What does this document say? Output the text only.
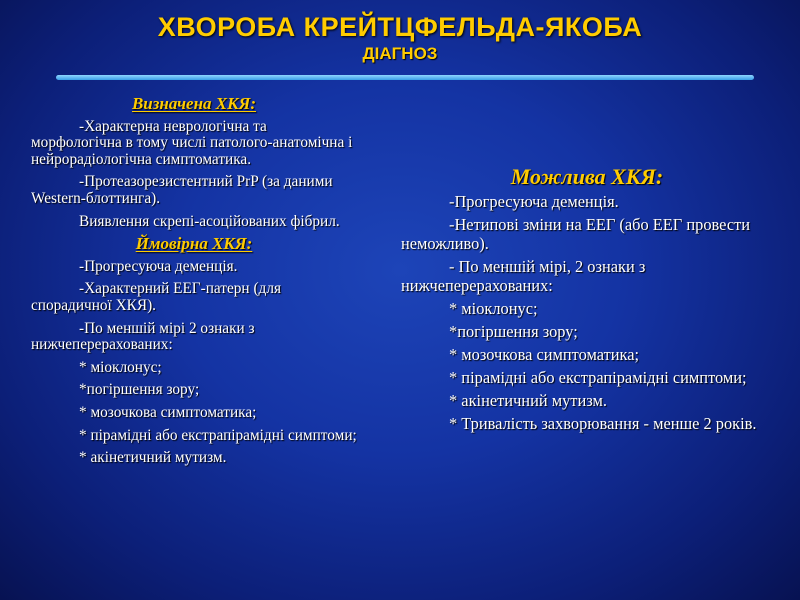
ХВОРОБА КРЕЙТЦФЕЛЬДА-ЯКОБА
ДІАГНОЗ
Визначена ХКЯ:

-Характерна неврологічна та морфологічна в тому числі патолого-анатомічна і нейрорадіологічна симптоматика.

-Протеазорезистентний PrP (за даними Western-блоттинга).

Виявлення скрепі-асоційованих фібрил.

Ймовірна ХКЯ:

-Прогресуюча деменція.

-Характерний ЕЕГ-патерн (для спорадичної ХКЯ).

-По меншій мірі 2 ознаки з нижчеперерахованих:

* міоклонус;

*погіршення зору;

* мозочкова симптоматика;

* пірамідні або екстрапірамідні симптоми;

* акінетичний мутизм.

Можлива ХКЯ:

-Прогресуюча деменція.

-Нетипові зміни на ЕЕГ (або ЕЕГ провести неможливо).

- По меншій мірі, 2 ознаки з нижчеперерахованих:

* міоклонус;

*погіршення зору;

* мозочкова симптоматика;

* пірамідні або екстрапірамідні симптоми;

* акінетичний мутизм.

* Тривалість захворювання - менше 2 років.
